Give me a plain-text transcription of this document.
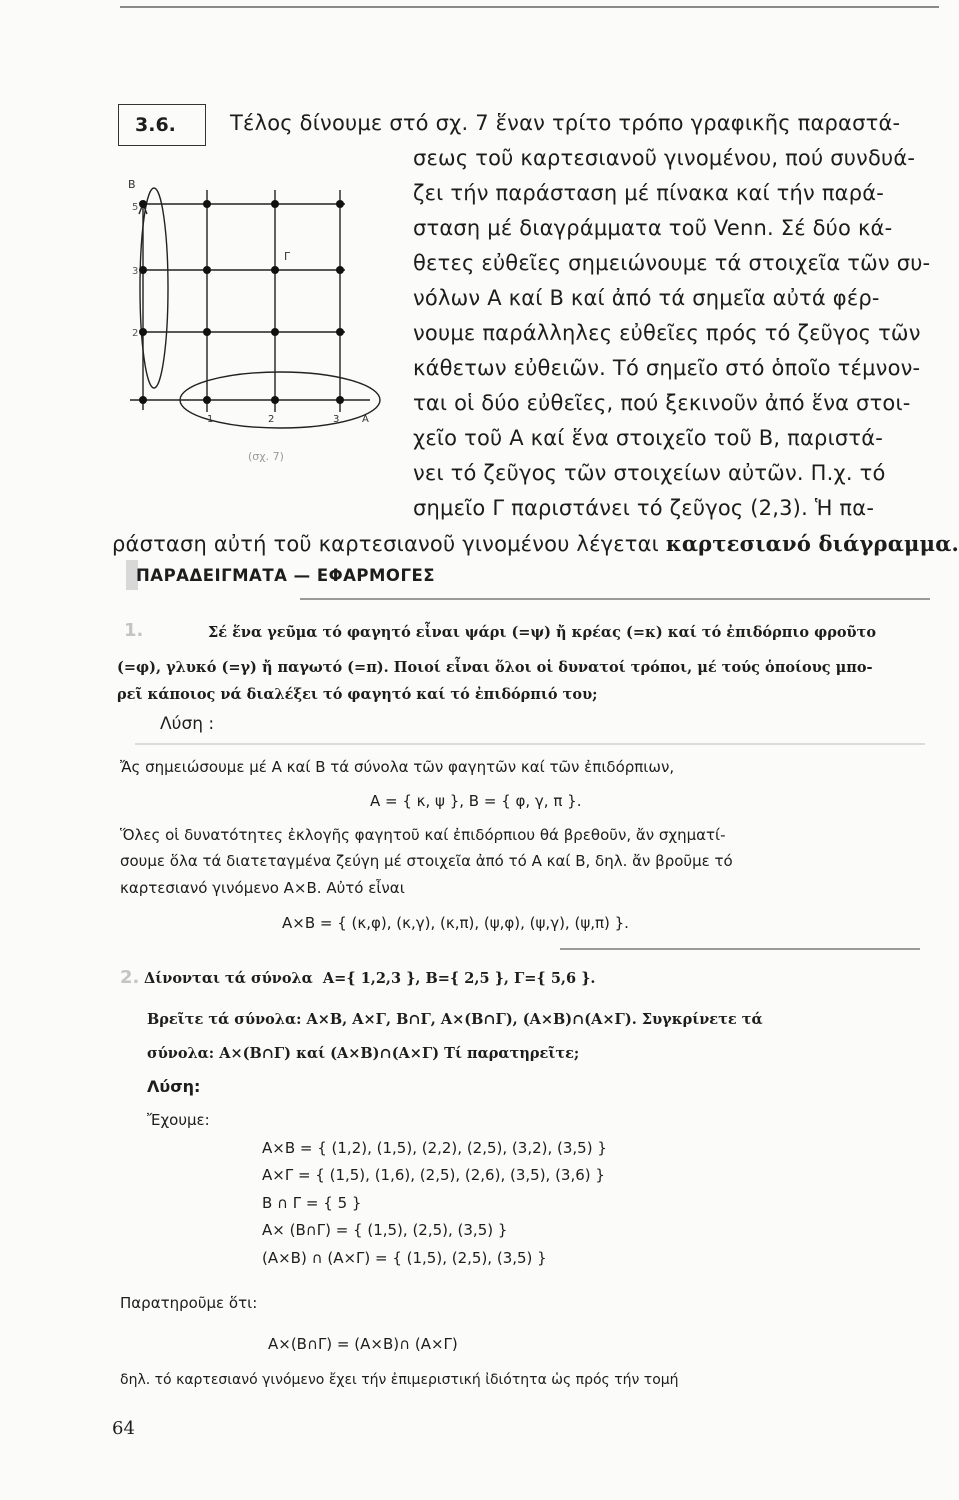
3.6.	Τέλος δίνουμε στό σχ. 7 ἕναν τρίτο τρόπο γραφικῆς παραστά-
σεως τοῦ καρτεσιανοῦ γινομένου, πού συνδυά-
ζει τήν παράσταση μέ πίνακα καί τήν παρά-
σταση μέ διαγράμματα τοῦ Venn. Σέ δύο κά-
θετες εὐθεῖες σημειώνουμε τά στοιχεῖα τῶν συ-
νόλων A καί B καί ἀπό τά σημεῖα αὐτά φέρ-
νουμε παράλληλες εὐθεῖες πρός τό ζεῦγος τῶν
κάθετων εὐθειῶν. Τό σημεῖο στό ὁποῖο τέμνον-
ται οἱ δύο εὐθεῖες, πού ξεκινοῦν ἀπό ἕνα στοι-
χεῖο τοῦ A καί ἕνα στοιχεῖο τοῦ B, παριστά-
νει τό ζεῦγος τῶν στοιχείων αὐτῶν. Π.χ. τό
σημεῖο Γ παριστάνει τό ζεῦγος (2,3). Ἡ πα-
ράσταση αὐτή τοῦ καρτεσιανοῦ γινομένου λέγεται καρτεσιανό διάγραμμα.
B
5
3
2
1	2	3 A
Γ
(σχ. 7)
ΠΑΡΑΔΕΙΓΜΑΤΑ — ΕΦΑΡΜΟΓΕΣ
1.	Σέ ἕνα γεῦμα τό φαγητό εἶναι ψάρι (=ψ) ἤ κρέας (=κ) καί τό ἐπιδόρπιο φροῦτο
(=φ), γλυκό (=γ) ἤ παγωτό (=π). Ποιοί εἶναι ὅλοι οἱ δυνατοί τρόποι, μέ τούς ὁποίους μπο-
ρεῖ κάποιος νά διαλέξει τό φαγητό καί τό ἐπιδόρπιό του;
Λύση :
Ἄς σημειώσουμε μέ A καί B τά σύνολα τῶν φαγητῶν καί τῶν ἐπιδόρπιων,
A = { κ, ψ }, B = { φ, γ, π }.
Ὅλες οἱ δυνατότητες ἐκλογῆς φαγητοῦ καί ἐπιδόρπιου θά βρεθοῦν, ἄν σχηματί-
σουμε ὅλα τά διατεταγμένα ζεύγη μέ στοιχεῖα ἀπό τό A καί B, δηλ. ἄν βροῦμε τό
καρτεσιανό γινόμενο A×B. Αὐτό εἶναι
A×B = { (κ,φ), (κ,γ), (κ,π), (ψ,φ), (ψ,γ), (ψ,π) }.
2. Δίνονται τά σύνολα A={ 1,2,3 }, B={ 2,5 }, Γ={ 5,6 }.
Βρεῖτε τά σύνολα: A×B, A×Γ, B∩Γ, A×(B∩Γ), (A×B)∩(A×Γ). Συγκρίνετε τά
σύνολα: A×(B∩Γ) καί (A×B)∩(A×Γ) Τί παρατηρεῖτε;
Λύση:
Ἔχουμε:
A×B = { (1,2), (1,5), (2,2), (2,5), (3,2), (3,5) }
A×Γ = { (1,5), (1,6), (2,5), (2,6), (3,5), (3,6) }
B ∩ Γ = { 5 }
A× (B∩Γ) = { (1,5), (2,5), (3,5) }
(A×B) ∩ (A×Γ) = { (1,5), (2,5), (3,5) }
Παρατηροῦμε ὅτι:
A×(B∩Γ) = (A×B)∩ (A×Γ)
δηλ. τό καρτεσιανό γινόμενο ἔχει τήν ἐπιμεριστική ἰδιότητα ὡς πρός τήν τομή
64
